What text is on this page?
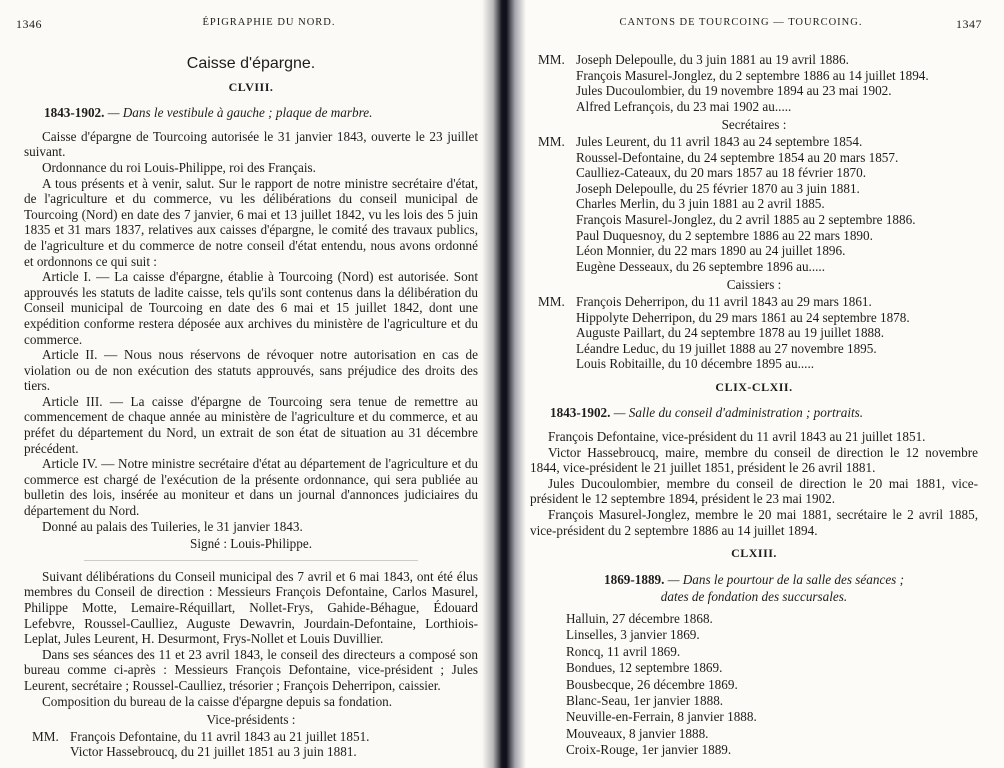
1346	ÉPIGRAPHIE DU NORD.
Caisse d'épargne.
CLVIII.
1843-1902. — Dans le vestibule à gauche ; plaque de marbre.

Caisse d'épargne de Tourcoing autorisée le 31 janvier 1843, ouverte le 23 juillet suivant.

Ordonnance du roi Louis-Philippe, roi des Français.

A tous présents et à venir, salut. Sur le rapport de notre ministre secrétaire d'état, de l'agriculture et du commerce, vu les délibérations du conseil municipal de Tourcoing (Nord) en date des 7 janvier, 6 mai et 13 juillet 1842, vu les lois des 5 juin 1835 et 31 mars 1837, relatives aux caisses d'épargne, le comité des travaux publics, de l'agriculture et du commerce de notre conseil d'état entendu, nous avons ordonné et ordonnons ce qui suit :

Article I. — La caisse d'épargne, établie à Tourcoing (Nord) est autorisée. Sont approuvés les statuts de ladite caisse, tels qu'ils sont contenus dans la délibération du Conseil municipal de Tourcoing en date des 6 mai et 15 juillet 1842, dont une expédition conforme restera déposée aux archives du ministère de l'agriculture et du commerce.

Article II. — Nous nous réservons de révoquer notre autorisation en cas de violation ou de non exécution des statuts approuvés, sans préjudice des droits des tiers.

Article III. — La caisse d'épargne de Tourcoing sera tenue de remettre au commencement de chaque année au ministère de l'agriculture et du commerce, et au préfet du département du Nord, un extrait de son état de situation au 31 décembre précédent.

Article IV. — Notre ministre secrétaire d'état au département de l'agriculture et du commerce est chargé de l'exécution de la présente ordonnance, qui sera publiée au bulletin des lois, insérée au moniteur et dans un journal d'annonces judiciaires du département du Nord.

Donné au palais des Tuileries, le 31 janvier 1843.

Signé : Louis-Philippe.

Suivant délibérations du Conseil municipal des 7 avril et 6 mai 1843, ont été élus membres du Conseil de direction : Messieurs François Defontaine, Carlos Masurel, Philippe Motte, Lemaire-Réquillart, Nollet-Frys, Gahide-Béhague, Édouard Lefebvre, Roussel-Caulliez, Auguste Dewavrin, Jourdain-Defontaine, Lorthiois-Leplat, Jules Leurent, H. Desurmont, Frys-Nollet et Louis Duvillier.

Dans ses séances des 11 et 23 avril 1843, le conseil des directeurs a composé son bureau comme ci-après : Messieurs François Defontaine, vice-président ; Jules Leurent, secrétaire ; Roussel-Caulliez, trésorier ; François Deherripon, caissier.

Composition du bureau de la caisse d'épargne depuis sa fondation.

Vice-présidents :
MM. François Defontaine, du 11 avril 1843 au 21 juillet 1851.
Victor Hassebroucq, du 21 juillet 1851 au 3 juin 1881.
CANTONS DE TOURCOING — TOURCOING.	1347
MM. Joseph Delepoulle, du 3 juin 1881 au 19 avril 1886.
François Masurel-Jonglez, du 2 septembre 1886 au 14 juillet 1894.
Jules Ducoulombier, du 19 novembre 1894 au 23 mai 1902.
Alfred Lefrançois, du 23 mai 1902 au.....
Secrétaires :
MM. Jules Leurent, du 11 avril 1843 au 24 septembre 1854.
Roussel-Defontaine, du 24 septembre 1854 au 20 mars 1857.
Caulliez-Cateaux, du 20 mars 1857 au 18 février 1870.
Joseph Delepoulle, du 25 février 1870 au 3 juin 1881.
Charles Merlin, du 3 juin 1881 au 2 avril 1885.
François Masurel-Jonglez, du 2 avril 1885 au 2 septembre 1886.
Paul Duquesnoy, du 2 septembre 1886 au 22 mars 1890.
Léon Monnier, du 22 mars 1890 au 24 juillet 1896.
Eugène Desseaux, du 26 septembre 1896 au.....
Caissiers :
MM. François Deherripon, du 11 avril 1843 au 29 mars 1861.
Hippolyte Deherripon, du 29 mars 1861 au 24 septembre 1878.
Auguste Paillart, du 24 septembre 1878 au 19 juillet 1888.
Léandre Leduc, du 19 juillet 1888 au 27 novembre 1895.
Louis Robitaille, du 10 décembre 1895 au.....
CLIX-CLXII.
1843-1902. — Salle du conseil d'administration ; portraits.

François Defontaine, vice-président du 11 avril 1843 au 21 juillet 1851.

Victor Hassebroucq, maire, membre du conseil de direction le 12 novembre 1844, vice-président le 21 juillet 1851, président le 26 avril 1881.

Jules Ducoulombier, membre du conseil de direction le 20 mai 1881, vice-président le 12 septembre 1894, président le 23 mai 1902.

François Masurel-Jonglez, membre le 20 mai 1881, secrétaire le 2 avril 1885, vice-président du 2 septembre 1886 au 14 juillet 1894.

CLXIII.
1869-1889. — Dans le pourtour de la salle des séances ;
dates de fondation des succursales.
Halluin, 27 décembre 1868.
Linselles, 3 janvier 1869.
Roncq, 11 avril 1869.
Bondues, 12 septembre 1869.
Bousbecque, 26 décembre 1869.
Blanc-Seau, 1er janvier 1888.
Neuville-en-Ferrain, 8 janvier 1888.
Mouveaux, 8 janvier 1888.
Croix-Rouge, 1er janvier 1889.
